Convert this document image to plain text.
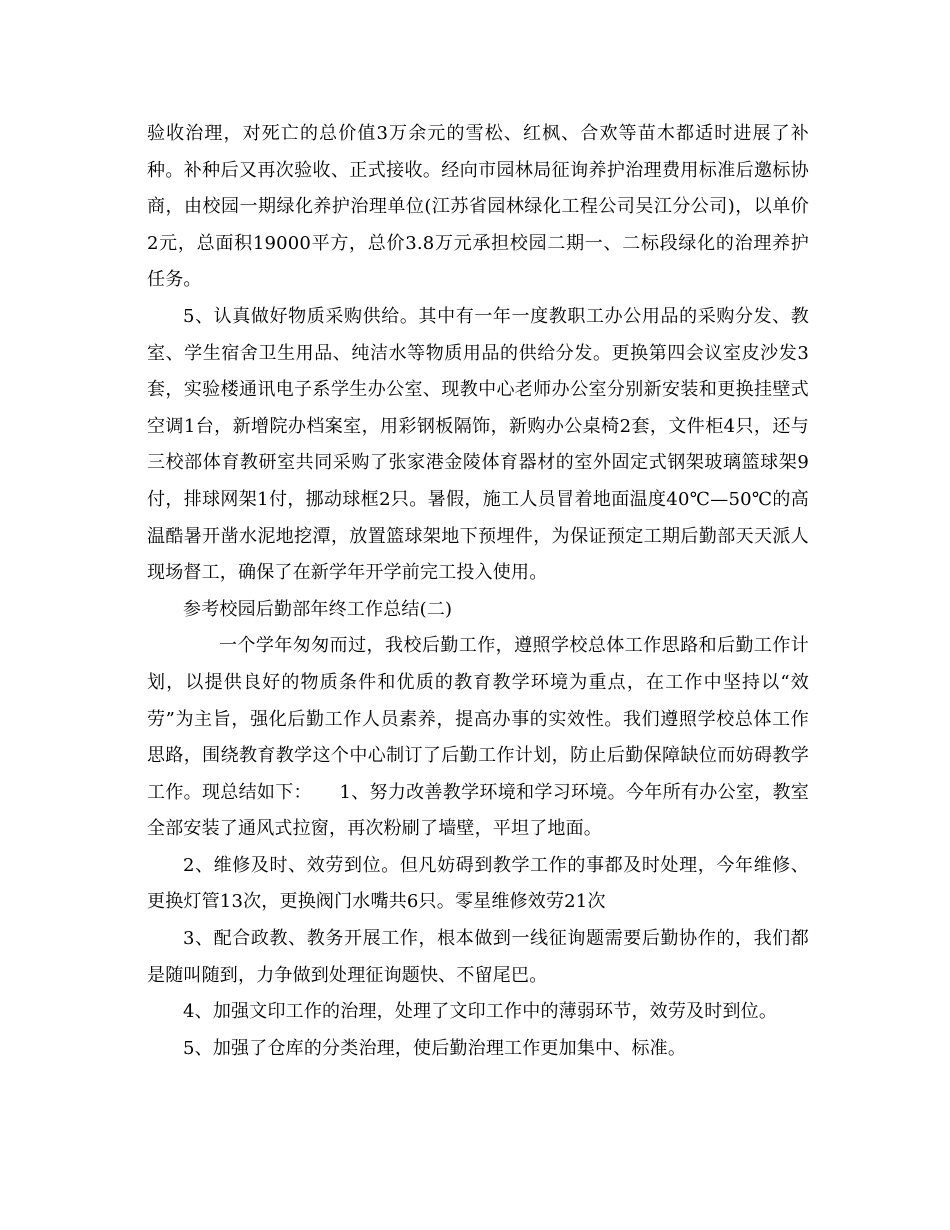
验收治理，对死亡的总价值3万余元的雪松、红枫、合欢等苗木都适时进展了补种。补种后又再次验收、正式接收。经向市园林局征询养护治理费用标准后邀标协商，由校园一期绿化养护治理单位(江苏省园林绿化工程公司吴江分公司)，以单价2元，总面积19000平方，总价3.8万元承担校园二期一、二标段绿化的治理养护任务。

5、认真做好物质采购供给。其中有一年一度教职工办公用品的采购分发、教室、学生宿舍卫生用品、纯洁水等物质用品的供给分发。更换第四会议室皮沙发3套，实验楼通讯电子系学生办公室、现教中心老师办公室分别新安装和更换挂壁式空调1台，新增院办档案室，用彩钢板隔饰，新购办公桌椅2套，文件柜4只，还与三校部体育教研室共同采购了张家港金陵体育器材的室外固定式钢架玻璃篮球架9付，排球网架1付，挪动球框2只。暑假，施工人员冒着地面温度40℃—50℃的高温酷暑开凿水泥地挖潭，放置篮球架地下预埋件，为保证预定工期后勤部天天派人现场督工，确保了在新学年开学前完工投入使用。

参考校园后勤部年终工作总结(二)

一个学年匆匆而过，我校后勤工作，遵照学校总体工作思路和后勤工作计划，以提供良好的物质条件和优质的教育教学环境为重点，在工作中坚持以“效劳”为主旨，强化后勤工作人员素养，提高办事的实效性。我们遵照学校总体工作思路，围绕教育教学这个中心制订了后勤工作计划，防止后勤保障缺位而妨碍教学工作。现总结如下：　　1、努力改善教学环境和学习环境。今年所有办公室，教室全部安装了通风式拉窗，再次粉刷了墙壁，平坦了地面。

2、维修及时、效劳到位。但凡妨碍到教学工作的事都及时处理，今年维修、更换灯管13次，更换阀门水嘴共6只。零星维修效劳21次

3、配合政教、教务开展工作，根本做到一线征询题需要后勤协作的，我们都是随叫随到，力争做到处理征询题快、不留尾巴。

4、加强文印工作的治理，处理了文印工作中的薄弱环节，效劳及时到位。

5、加强了仓库的分类治理，使后勤治理工作更加集中、标准。
